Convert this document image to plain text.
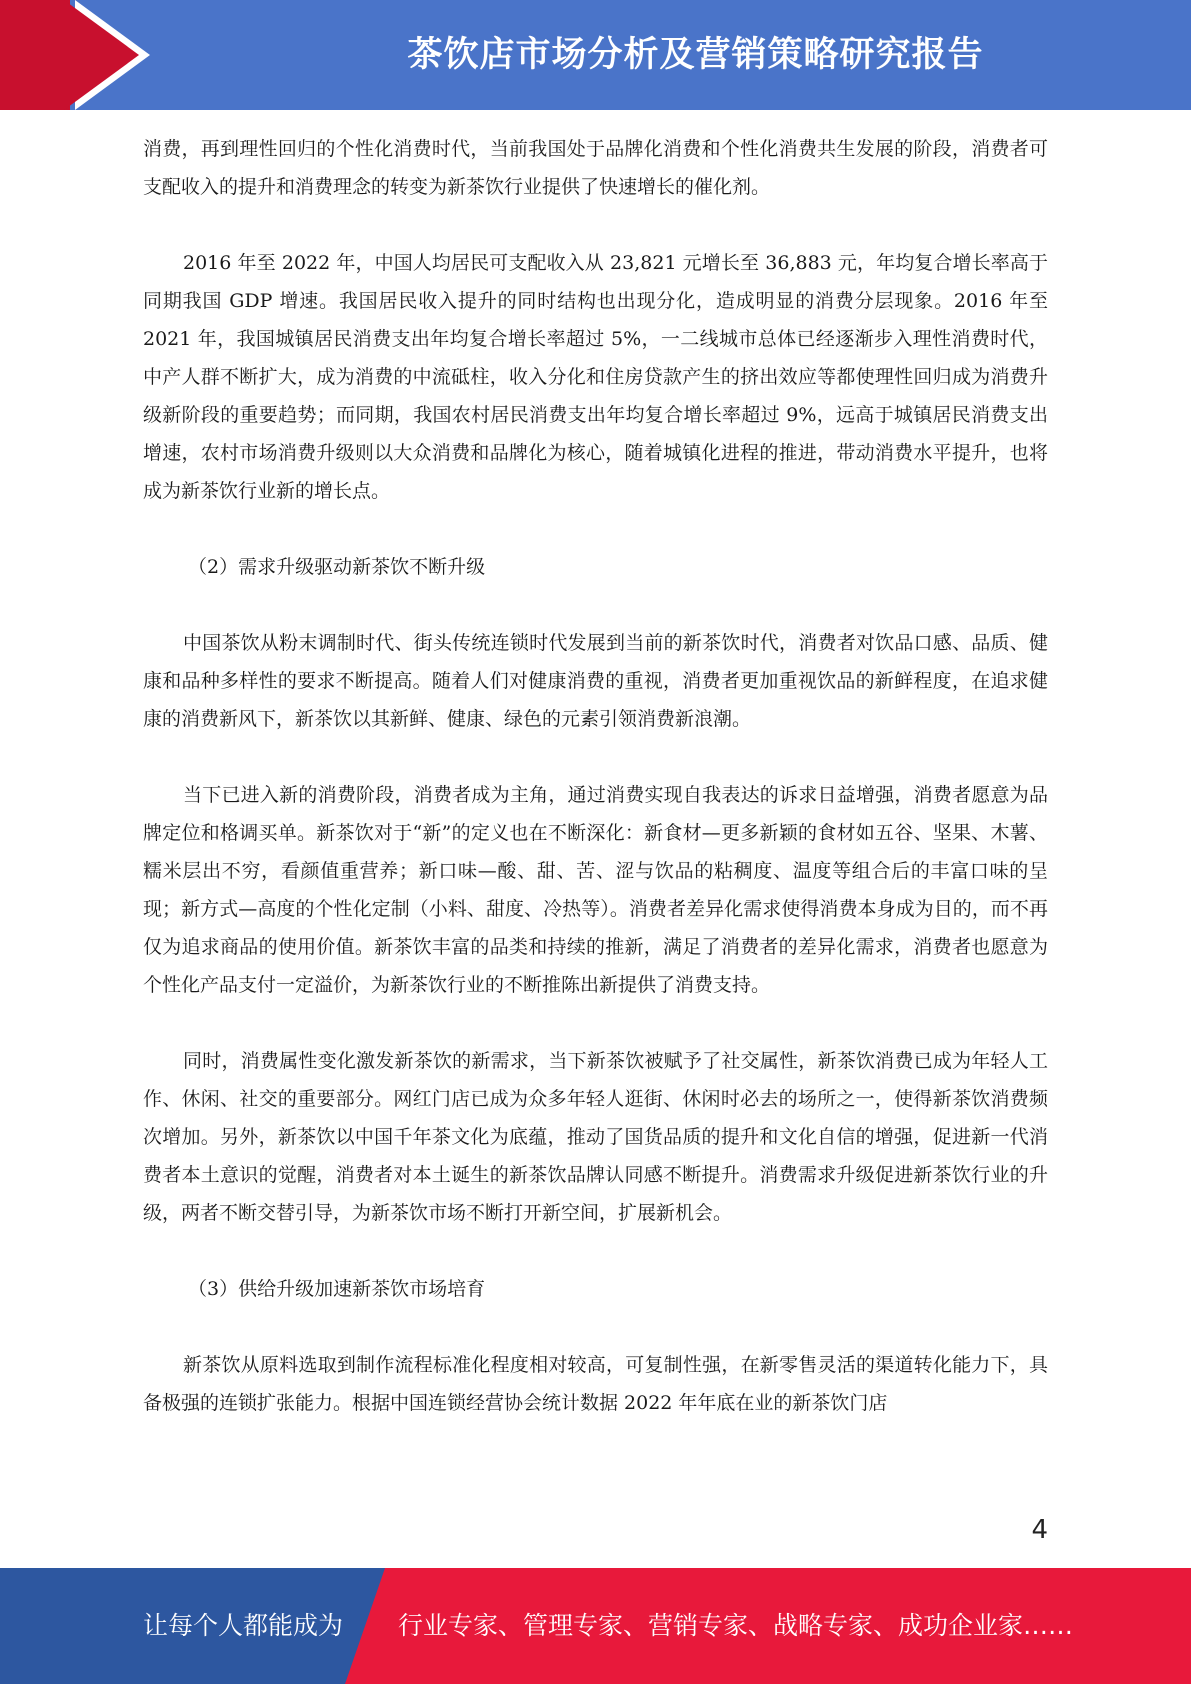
茶饮店市场分析及营销策略研究报告

消费，再到理性回归的个性化消费时代，当前我国处于品牌化消费和个性化消费共生发展的阶段，消费者可支配收入的提升和消费理念的转变为新茶饮行业提供了快速增长的催化剂。

2016 年至 2022 年，中国人均居民可支配收入从 23,821 元增长至 36,883 元，年均复合增长率高于同期我国 GDP 增速。我国居民收入提升的同时结构也出现分化，造成明显的消费分层现象。2016 年至 2021 年，我国城镇居民消费支出年均复合增长率超过 5%，一二线城市总体已经逐渐步入理性消费时代，中产人群不断扩大，成为消费的中流砥柱，收入分化和住房贷款产生的挤出效应等都使理性回归成为消费升级新阶段的重要趋势；而同期，我国农村居民消费支出年均复合增长率超过 9%，远高于城镇居民消费支出增速，农村市场消费升级则以大众消费和品牌化为核心，随着城镇化进程的推进，带动消费水平提升，也将成为新茶饮行业新的增长点。

（2）需求升级驱动新茶饮不断升级

中国茶饮从粉末调制时代、街头传统连锁时代发展到当前的新茶饮时代，消费者对饮品口感、品质、健康和品种多样性的要求不断提高。随着人们对健康消费的重视，消费者更加重视饮品的新鲜程度，在追求健康的消费新风下，新茶饮以其新鲜、健康、绿色的元素引领消费新浪潮。

当下已进入新的消费阶段，消费者成为主角，通过消费实现自我表达的诉求日益增强，消费者愿意为品牌定位和格调买单。新茶饮对于“新”的定义也在不断深化：新食材—更多新颖的食材如五谷、坚果、木薯、糯米层出不穷，看颜值重营养；新口味—酸、甜、苦、涩与饮品的粘稠度、温度等组合后的丰富口味的呈现；新方式—高度的个性化定制（小料、甜度、冷热等）。消费者差异化需求使得消费本身成为目的，而不再仅为追求商品的使用价值。新茶饮丰富的品类和持续的推新，满足了消费者的差异化需求，消费者也愿意为个性化产品支付一定溢价，为新茶饮行业的不断推陈出新提供了消费支持。

同时，消费属性变化激发新茶饮的新需求，当下新茶饮被赋予了社交属性，新茶饮消费已成为年轻人工作、休闲、社交的重要部分。网红门店已成为众多年轻人逛街、休闲时必去的场所之一，使得新茶饮消费频次增加。另外，新茶饮以中国千年茶文化为底蕴，推动了国货品质的提升和文化自信的增强，促进新一代消费者本土意识的觉醒，消费者对本土诞生的新茶饮品牌认同感不断提升。消费需求升级促进新茶饮行业的升级，两者不断交替引导，为新茶饮市场不断打开新空间，扩展新机会。

（3）供给升级加速新茶饮市场培育

新茶饮从原料选取到制作流程标准化程度相对较高，可复制性强，在新零售灵活的渠道转化能力下，具备极强的连锁扩张能力。根据中国连锁经营协会统计数据 2022 年年底在业的新茶饮门店

4
让每个人都能成为 行业专家、管理专家、营销专家、战略专家、成功企业家……
